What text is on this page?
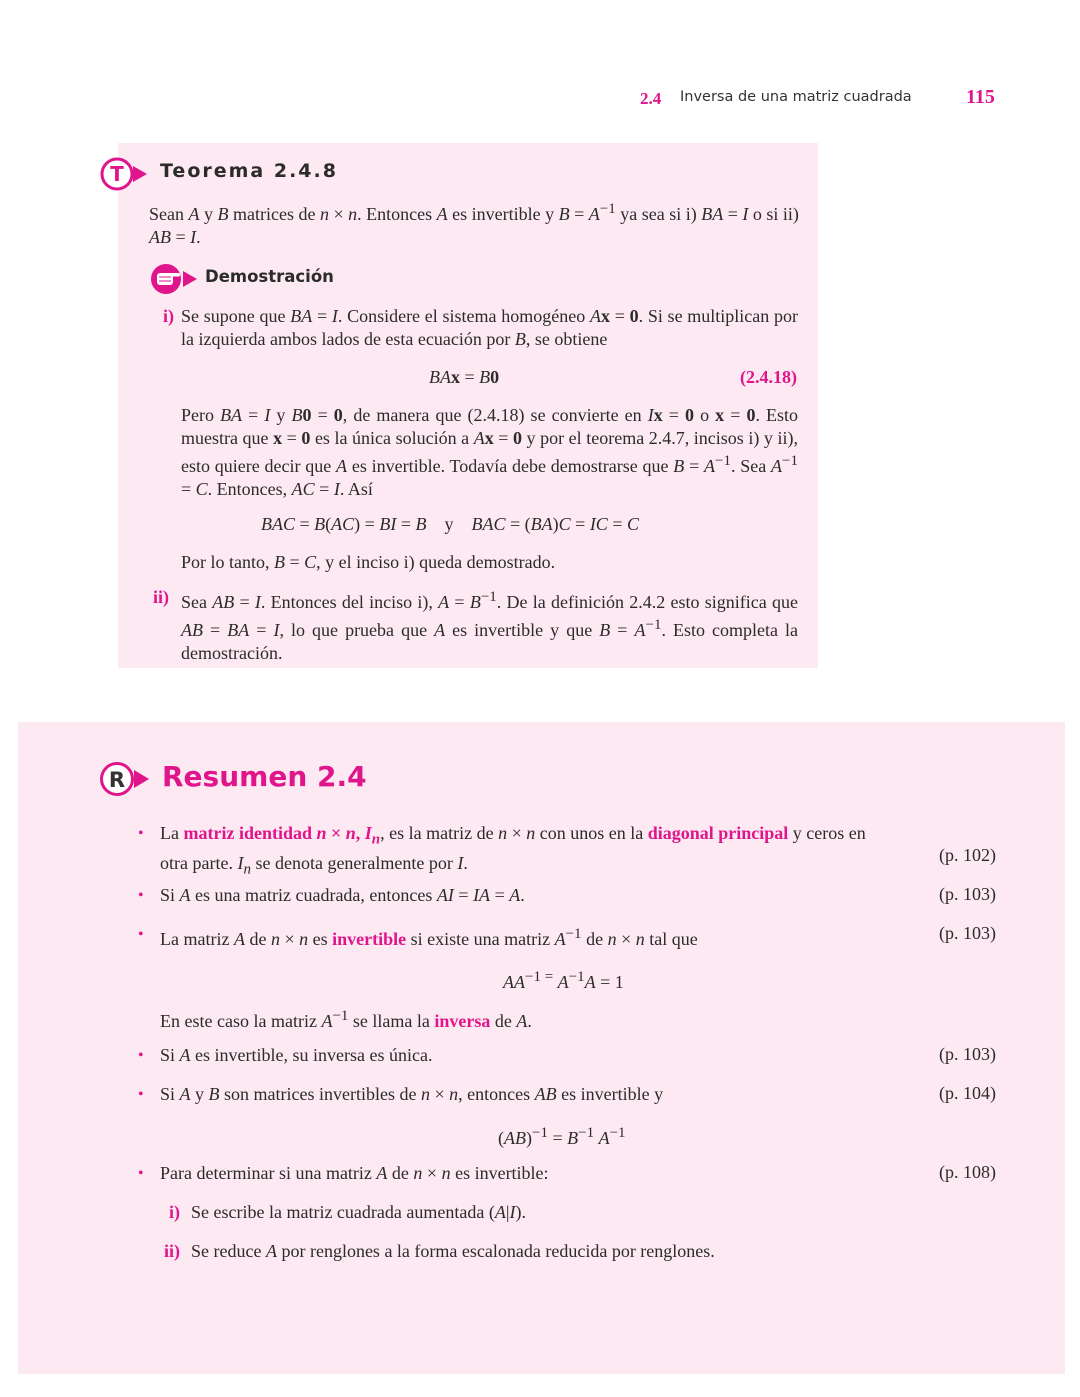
2.4 Inversa de una matriz cuadrada	115
T Teorema 2.4.8
Sean A y B matrices de n × n. Entonces A es invertible y $B = A^{-1}$ ya sea si i) BA = I o si ii) AB = I.
Demostración
i) Se supone que BA = I. Considere el sistema homogéneo Ax = 0. Si se multiplican por la izquierda ambos lados de esta ecuación por B, se obtiene
BAx = B0	(2.4.18)
Pero BA = I y B0 = 0, de manera que (2.4.18) se convierte en Ix = 0 o x = 0. Esto muestra que x = 0 es la única solución a Ax = 0 y por el teorema 2.4.7, incisos i) y ii), esto quiere decir que A es invertible. Todavía debe demostrarse que $B = A^{-1}$. Sea $A^{-1} = C$. Entonces, AC = I. Así
BAC = B(AC) = BI = B    y    BAC = (BA)C = IC = C
Por lo tanto, B = C, y el inciso i) queda demostrado.
ii) Sea AB = I. Entonces del inciso i), $A = B^{-1}$. De la definición 2.4.2 esto significa que AB = BA = I, lo que prueba que A es invertible y que $B = A^{-1}$. Esto completa la demostración.
R Resumen 2.4
• La matriz identidad n × n, $I_n$, es la matriz de n × n con unos en la diagonal principal y ceros en otra parte. $I_n$ se denota generalmente por I.	(p. 102)
• Si A es una matriz cuadrada, entonces AI = IA = A.	(p. 103)
• La matriz A de n × n es invertible si existe una matriz $A^{-1}$ de n × n tal que	(p. 103)
$AA^{-1 =}$ $A^{-1}A = 1$
En este caso la matriz $A^{-1}$ se llama la inversa de A.
• Si A es invertible, su inversa es única.	(p. 103)
• Si A y B son matrices invertibles de n × n, entonces AB es invertible y	(p. 104)
$(AB)^{-1} = B^{-1}$ $A^{-1}$
• Para determinar si una matriz A de n × n es invertible:	(p. 108)
i) Se escribe la matriz cuadrada aumentada (A|I).
ii) Se reduce A por renglones a la forma escalonada reducida por renglones.
